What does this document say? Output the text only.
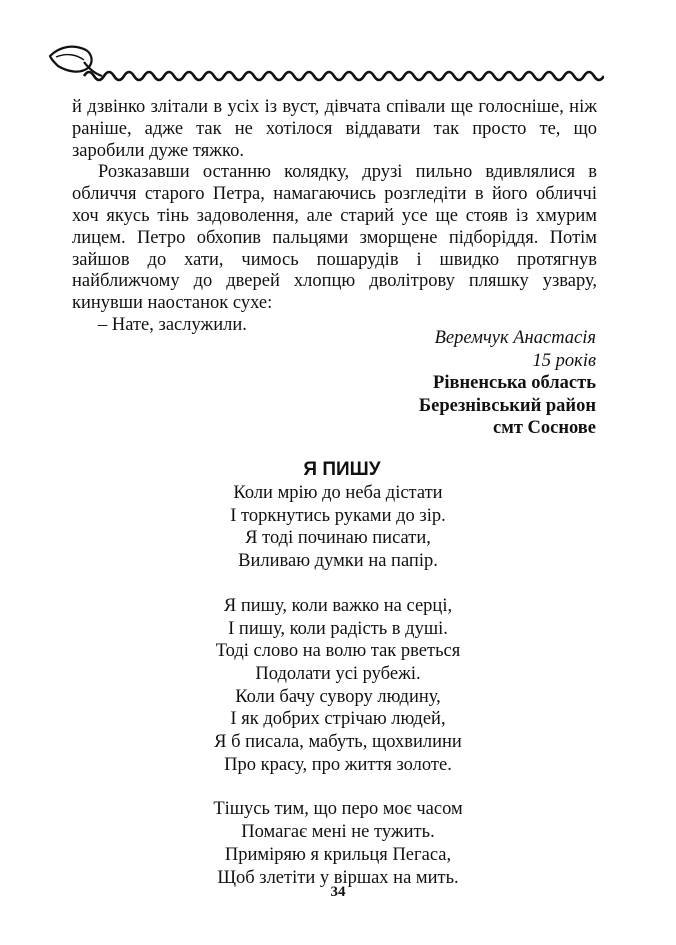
й дзвінко злітали в усіх із вуст, дівчата співали ще голосніше, ніж раніше, адже так не хотілося віддавати так просто те, що заробили дуже тяжко.

Розказавши останню колядку, друзі пильно вдивлялися в обличчя старого Петра, намагаючись розгледіти в його обличчі хоч якусь тінь задоволення, але старий усе ще стояв із хмурим лицем. Петро обхопив пальцями зморщене підборіддя. Потім зайшов до хати, чимось пошарудів і швидко протягнув найближчому до дверей хлопцю дволітрову пляшку узвару, кинувши наостанок сухе:

– Нате, заслужили.

Веремчук Анастасія
15 років
Рівненська область
Березнівський район
смт Соснове
Я ПИШУ
Коли мрію до неба дістати
І торкнутись руками до зір.
Я тоді починаю писати,
Виливаю думки на папір.
Я пишу, коли важко на серці,
І пишу, коли радість в душі.
Тоді слово на волю так рветься
Подолати усі рубежі.
Коли бачу сувору людину,
І як добрих стрічаю людей,
Я б писала, мабуть, щохвилини
Про красу, про життя золоте.
Тішусь тим, що перо моє часом
Помагає мені не тужить.
Приміряю я крильця Пегаса,
Щоб злетіти у віршах на мить.
34
